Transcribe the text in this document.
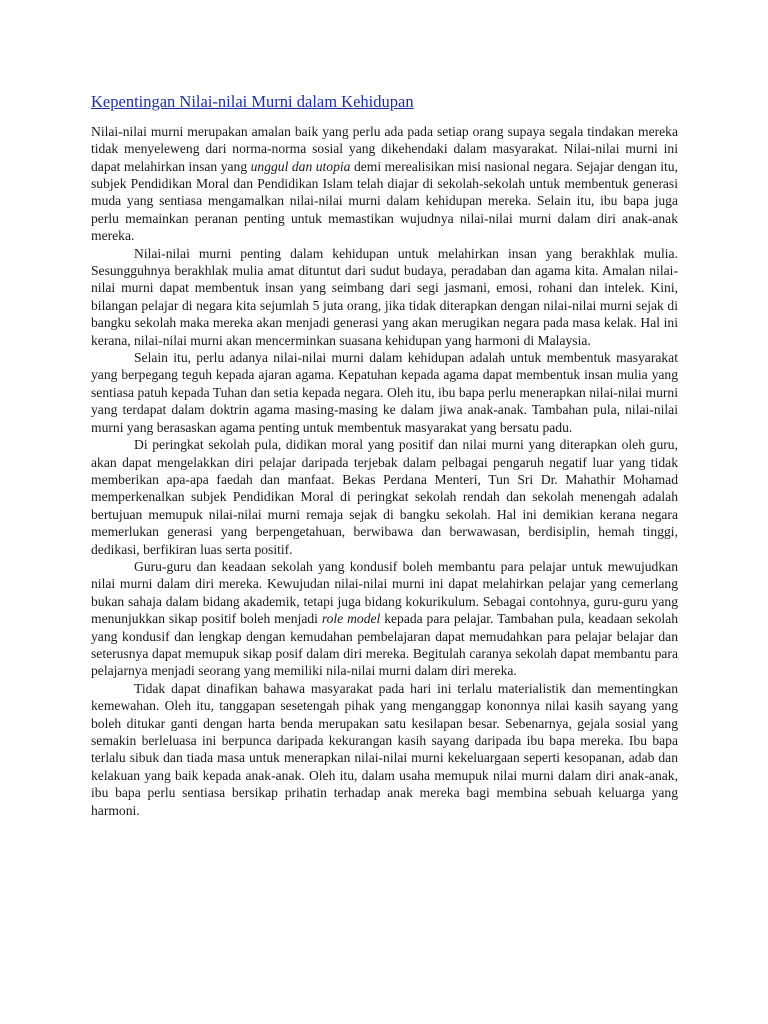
Kepentingan Nilai-nilai Murni dalam Kehidupan

Nilai-nilai murni merupakan amalan baik yang perlu ada pada setiap orang supaya segala tindakan mereka tidak menyeleweng dari norma-norma sosial yang dikehendaki dalam masyarakat. Nilai-nilai murni ini dapat melahirkan insan yang unggul dan utopia demi merealisikan misi nasional negara. Sejajar dengan itu, subjek Pendidikan Moral dan Pendidikan Islam telah diajar di sekolah-sekolah untuk membentuk generasi muda yang sentiasa mengamalkan nilai-nilai murni dalam kehidupan mereka. Selain itu, ibu bapa juga perlu memainkan peranan penting untuk memastikan wujudnya nilai-nilai murni dalam diri anak-anak mereka.

Nilai-nilai murni penting dalam kehidupan untuk melahirkan insan yang berakhlak mulia. Sesungguhnya berakhlak mulia amat dituntut dari sudut budaya, peradaban dan agama kita. Amalan nilai-nilai murni dapat membentuk insan yang seimbang dari segi jasmani, emosi, rohani dan intelek. Kini, bilangan pelajar di negara kita sejumlah 5 juta orang, jika tidak diterapkan dengan nilai-nilai murni sejak di bangku sekolah maka mereka akan menjadi generasi yang akan merugikan negara pada masa kelak. Hal ini kerana, nilai-nilai murni akan mencerminkan suasana kehidupan yang harmoni di Malaysia.

Selain itu, perlu adanya nilai-nilai murni dalam kehidupan adalah untuk membentuk masyarakat yang berpegang teguh kepada ajaran agama. Kepatuhan kepada agama dapat membentuk insan mulia yang sentiasa patuh kepada Tuhan dan setia kepada negara. Oleh itu, ibu bapa perlu menerapkan nilai-nilai murni yang terdapat dalam doktrin agama masing-masing ke dalam jiwa anak-anak. Tambahan pula, nilai-nilai murni yang berasaskan agama penting untuk membentuk masyarakat yang bersatu padu.

Di peringkat sekolah pula, didikan moral yang positif dan nilai murni yang diterapkan oleh guru, akan dapat mengelakkan diri pelajar daripada terjebak dalam pelbagai pengaruh negatif luar yang tidak memberikan apa-apa faedah dan manfaat. Bekas Perdana Menteri, Tun Sri Dr. Mahathir Mohamad memperkenalkan subjek Pendidikan Moral di peringkat sekolah rendah dan sekolah menengah adalah bertujuan memupuk nilai-nilai murni remaja sejak di bangku sekolah. Hal ini demikian kerana negara memerlukan generasi yang berpengetahuan, berwibawa dan berwawasan, berdisiplin, hemah tinggi, dedikasi, berfikiran luas serta positif.

Guru-guru dan keadaan sekolah yang kondusif boleh membantu para pelajar untuk mewujudkan nilai murni dalam diri mereka. Kewujudan nilai-nilai murni ini dapat melahirkan pelajar yang cemerlang bukan sahaja dalam bidang akademik, tetapi juga bidang kokurikulum. Sebagai contohnya, guru-guru yang menunjukkan sikap positif boleh menjadi role model kepada para pelajar. Tambahan pula, keadaan sekolah yang kondusif dan lengkap dengan kemudahan pembelajaran dapat memudahkan para pelajar belajar dan seterusnya dapat memupuk sikap posif dalam diri mereka. Begitulah caranya sekolah dapat membantu para pelajarnya menjadi seorang yang memiliki nila-nilai murni dalam diri mereka.

Tidak dapat dinafikan bahawa masyarakat pada hari ini terlalu materialistik dan mementingkan kemewahan. Oleh itu, tanggapan sesetengah pihak yang menganggap kononnya nilai kasih sayang yang boleh ditukar ganti dengan harta benda merupakan satu kesilapan besar. Sebenarnya, gejala sosial yang semakin berleluasa ini berpunca daripada kekurangan kasih sayang daripada ibu bapa mereka. Ibu bapa terlalu sibuk dan tiada masa untuk menerapkan nilai-nilai murni kekeluargaan seperti kesopanan, adab dan kelakuan yang baik kepada anak-anak. Oleh itu, dalam usaha memupuk nilai murni dalam diri anak-anak, ibu bapa perlu sentiasa bersikap prihatin terhadap anak mereka bagi membina sebuah keluarga yang harmoni.
